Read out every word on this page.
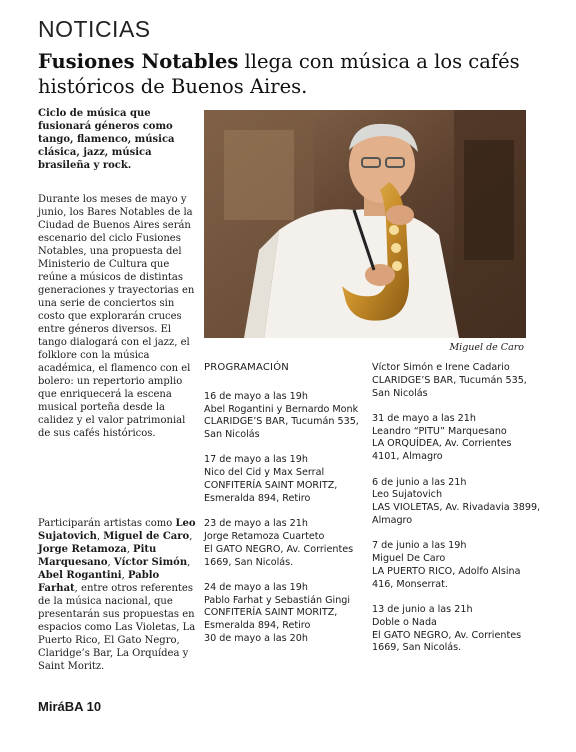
NOTICIAS
Fusiones Notables llega con música a los cafés históricos de Buenos Aires.
Ciclo de música que fusionará géneros como tango, flamenco, música clásica, jazz, música brasileña y rock.

Durante los meses de mayo y junio, los Bares Notables de la Ciudad de Buenos Aires serán escenario del ciclo Fusiones Notables, una propuesta del Ministerio de Cultura que reúne a músicos de distintas generaciones y trayectorias en una serie de conciertos sin costo que explorarán cruces entre géneros diversos. El tango dialogará con el jazz, el folklore con la música académica, el flamenco con el bolero: un repertorio amplio que enriquecerá la escena musical porteña desde la calidez y el valor patrimonial de sus cafés históricos.

Participarán artistas como Leo Sujatovich, Miguel de Caro, Jorge Retamoza, Pitu Marquesano, Víctor Simón, Abel Rogantini, Pablo Farhat, entre otros referentes de la música nacional, que presentarán sus propuestas en espacios como Las Violetas, La Puerto Rico, El Gato Negro, Claridge’s Bar, La Orquídea y Saint Moritz.

Miguel de Caro
PROGRAMACIÓN
16 de mayo a las 19h
Abel Rogantini y Bernardo Monk
CLARIDGE’S BAR, Tucumán 535, San Nicolás
17 de mayo a las 19h
Nico del Cid y Max Serral
CONFITERÍA SAINT MORITZ, Esmeralda 894, Retiro
23 de mayo a las 21h
Jorge Retamoza Cuarteto
El GATO NEGRO, Av. Corrientes 1669, San Nicolás.
24 de mayo a las 19h
Pablo Farhat y Sebastián Gingi
CONFITERÍA SAINT MORITZ, Esmeralda 894, Retiro
30 de mayo a las 20h
Víctor Simón e Irene Cadario
CLARIDGE’S BAR, Tucumán 535, San Nicolás
31 de mayo a las 21h
Leandro “PITU” Marquesano
LA ORQUÍDEA, Av. Corrientes 4101, Almagro
6 de junio a las 21h
Leo Sujatovich
LAS VIOLETAS, Av. Rivadavia 3899, Almagro
7 de junio a las 19h
Miguel De Caro
LA PUERTO RICO, Adolfo Alsina 416, Monserrat.
13 de junio a las 21h
Doble o Nada
El GATO NEGRO, Av. Corrientes 1669, San Nicolás.
MiráBA 10
